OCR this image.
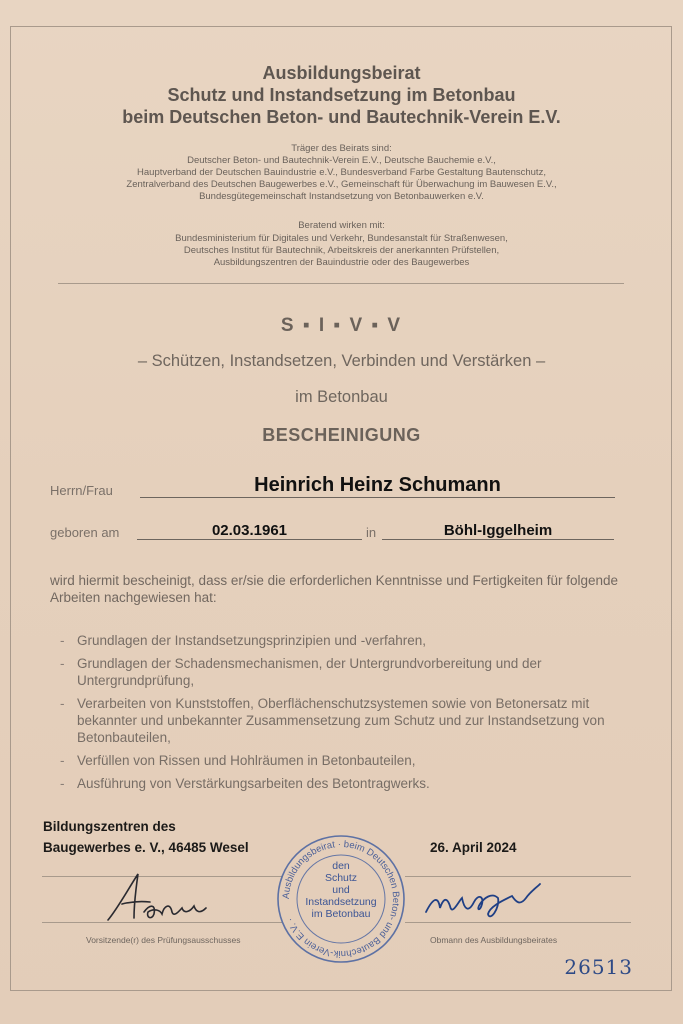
Ausbildungsbeirat
Schutz und Instandsetzung im Betonbau
beim Deutschen Beton- und Bautechnik-Verein E.V.
Träger des Beirats sind:
Deutscher Beton- und Bautechnik-Verein E.V., Deutsche Bauchemie e.V.,
Hauptverband der Deutschen Bauindustrie e.V., Bundesverband Farbe Gestaltung Bautenschutz,
Zentralverband des Deutschen Baugewerbes e.V., Gemeinschaft für Überwachung im Bauwesen E.V.,
Bundesgütegemeinschaft Instandsetzung von Betonbauwerken e.V.
Beratend wirken mit:
Bundesministerium für Digitales und Verkehr, Bundesanstalt für Straßenwesen,
Deutsches Institut für Bautechnik, Arbeitskreis der anerkannten Prüfstellen,
Ausbildungszentren der Bauindustrie oder des Baugewerbes
S ▪ I ▪ V ▪ V
– Schützen, Instandsetzen, Verbinden und Verstärken –
im Betonbau
BESCHEINIGUNG
Herrn/Frau	Heinrich Heinz Schumann
geboren am	02.03.1961	in	Böhl-Iggelheim
wird hiermit bescheinigt, dass er/sie die erforderlichen Kenntnisse und Fertigkeiten für folgende Arbeiten nachgewiesen hat:
- Grundlagen der Instandsetzungsprinzipien und -verfahren,
- Grundlagen der Schadensmechanismen, der Untergrundvorbereitung und der Untergrundprüfung,
- Verarbeiten von Kunststoffen, Oberflächenschutzsystemen sowie von Betonersatz mit bekannter und unbekannter Zusammensetzung zum Schutz und zur Instandsetzung von Betonbauteilen,
- Verfüllen von Rissen und Hohlräumen in Betonbauteilen,
- Ausführung von Verstärkungsarbeiten des Betontragwerks.
Bildungszentren des
Baugewerbes e. V., 46485 Wesel	26. April 2024
Ausbildungsbeirat · beim Deutschen Beton- und Bautechnik-Verein E.V. ·
den
Schutz
und
Instandsetzung
im Betonbau
Vorsitzende(r) des Prüfungsausschusses	Obmann des Ausbildungsbeirates
26513
